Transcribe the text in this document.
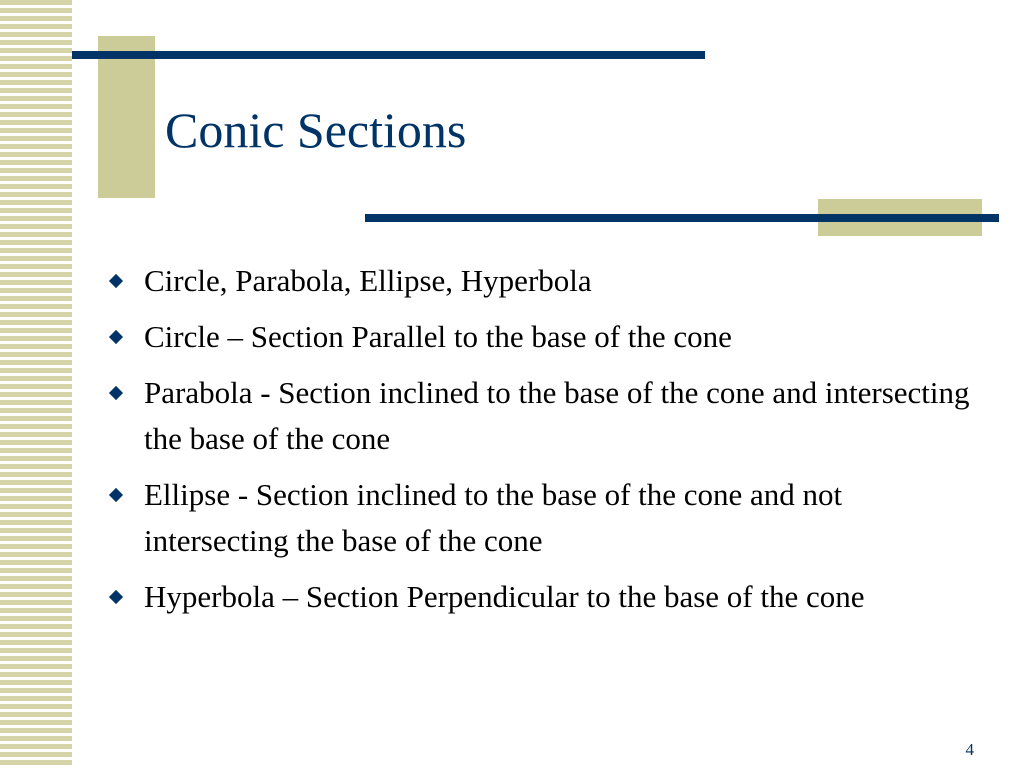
Conic Sections
Circle, Parabola, Ellipse, Hyperbola
Circle – Section Parallel to the base of the cone
Parabola - Section inclined to the base of the cone and intersecting the base of the cone
Ellipse - Section inclined to the base of the cone and not intersecting the base of the cone
Hyperbola – Section Perpendicular to the base of the cone
4
